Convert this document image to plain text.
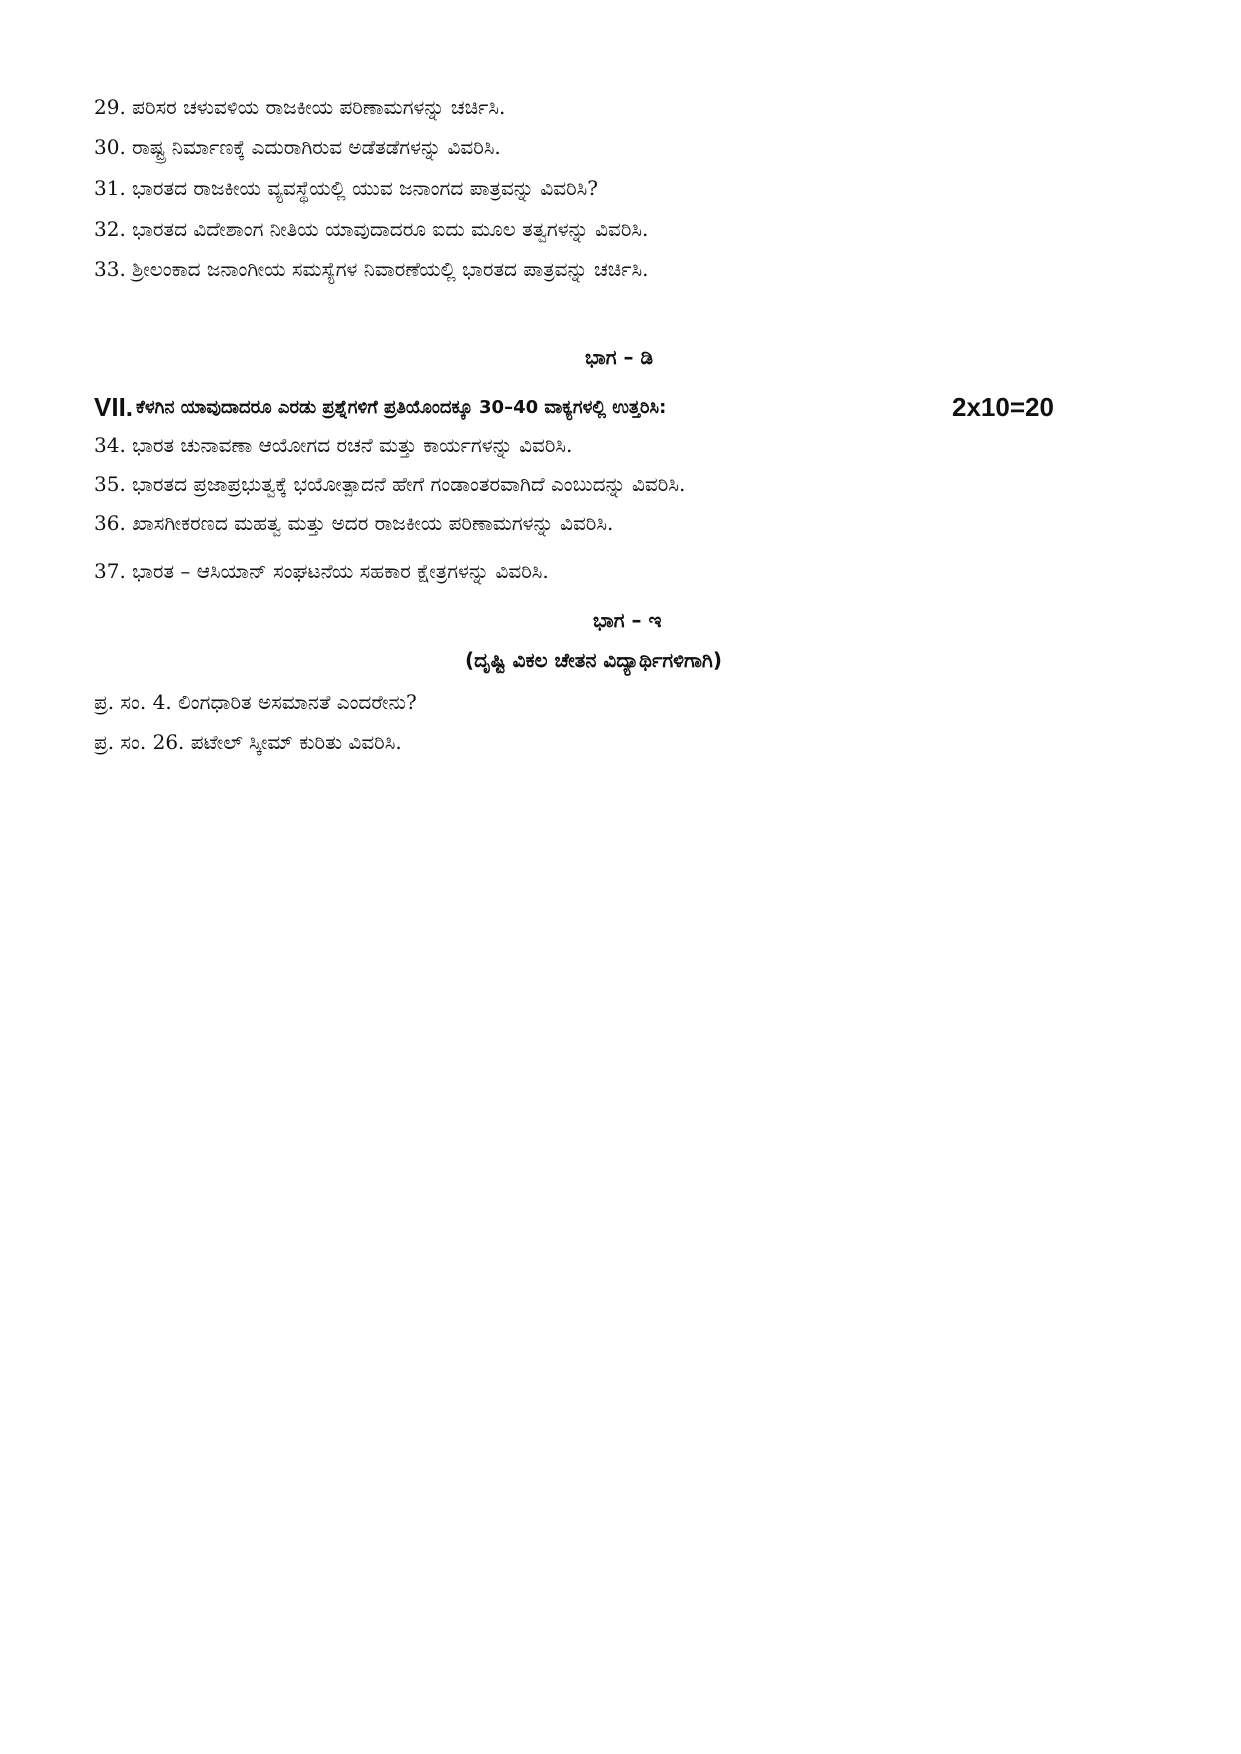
29. ಪರಿಸರ ಚಳುವಳಿಯ ರಾಜಕೀಯ ಪರಿಣಾಮಗಳನ್ನು ಚರ್ಚಿಸಿ.
30. ರಾಷ್ಟ್ರ ನಿರ್ಮಾಣಕ್ಕೆ ಎದುರಾಗಿರುವ ಅಡೆತಡೆಗಳನ್ನು ವಿವರಿಸಿ.
31. ಭಾರತದ ರಾಜಕೀಯ ವ್ಯವಸ್ಥೆಯಲ್ಲಿ ಯುವ ಜನಾಂಗದ ಪಾತ್ರವನ್ನು ವಿವರಿಸಿ?
32. ಭಾರತದ ವಿದೇಶಾಂಗ ನೀತಿಯ ಯಾವುದಾದರೂ ಐದು ಮೂಲ ತತ್ವಗಳನ್ನು ವಿವರಿಸಿ.
33. ಶ್ರೀಲಂಕಾದ ಜನಾಂಗೀಯ ಸಮಸ್ಯೆಗಳ ನಿವಾರಣೆಯಲ್ಲಿ ಭಾರತದ ಪಾತ್ರವನ್ನು ಚರ್ಚಿಸಿ.
ಭಾಗ – ಡಿ
VII. ಕೆಳಗಿನ ಯಾವುದಾದರೂ ಎರಡು ಪ್ರಶ್ನೆಗಳಿಗೆ ಪ್ರತಿಯೊಂದಕ್ಕೂ 30–40 ವಾಕ್ಯಗಳಲ್ಲಿ ಉತ್ತರಿಸಿ:	2x10=20
34. ಭಾರತ ಚುನಾವಣಾ ಆಯೋಗದ ರಚನೆ ಮತ್ತು ಕಾರ್ಯಗಳನ್ನು ವಿವರಿಸಿ.
35. ಭಾರತದ ಪ್ರಜಾಪ್ರಭುತ್ವಕ್ಕೆ ಭಯೋತ್ಪಾದನೆ ಹೇಗೆ ಗಂಡಾಂತರವಾಗಿದೆ ಎಂಬುದನ್ನು ವಿವರಿಸಿ.
36. ಖಾಸಗೀಕರಣದ ಮಹತ್ವ ಮತ್ತು ಅದರ ರಾಜಕೀಯ ಪರಿಣಾಮಗಳನ್ನು ವಿವರಿಸಿ.
37. ಭಾರತ – ಆಸಿಯಾನ್ ಸಂಘಟನೆಯ ಸಹಕಾರ ಕ್ಷೇತ್ರಗಳನ್ನು ವಿವರಿಸಿ.
ಭಾಗ – ಇ
(ದೃಷ್ಟಿ ವಿಕಲ ಚೇತನ ವಿದ್ಯಾರ್ಥಿಗಳಿಗಾಗಿ)
ಪ್ರ. ಸಂ. 4. ಲಿಂಗಧಾರಿತ ಅಸಮಾನತೆ ಎಂದರೇನು?
ಪ್ರ. ಸಂ. 26. ಪಟೇಲ್ ಸ್ಕೀಮ್ ಕುರಿತು ವಿವರಿಸಿ.
